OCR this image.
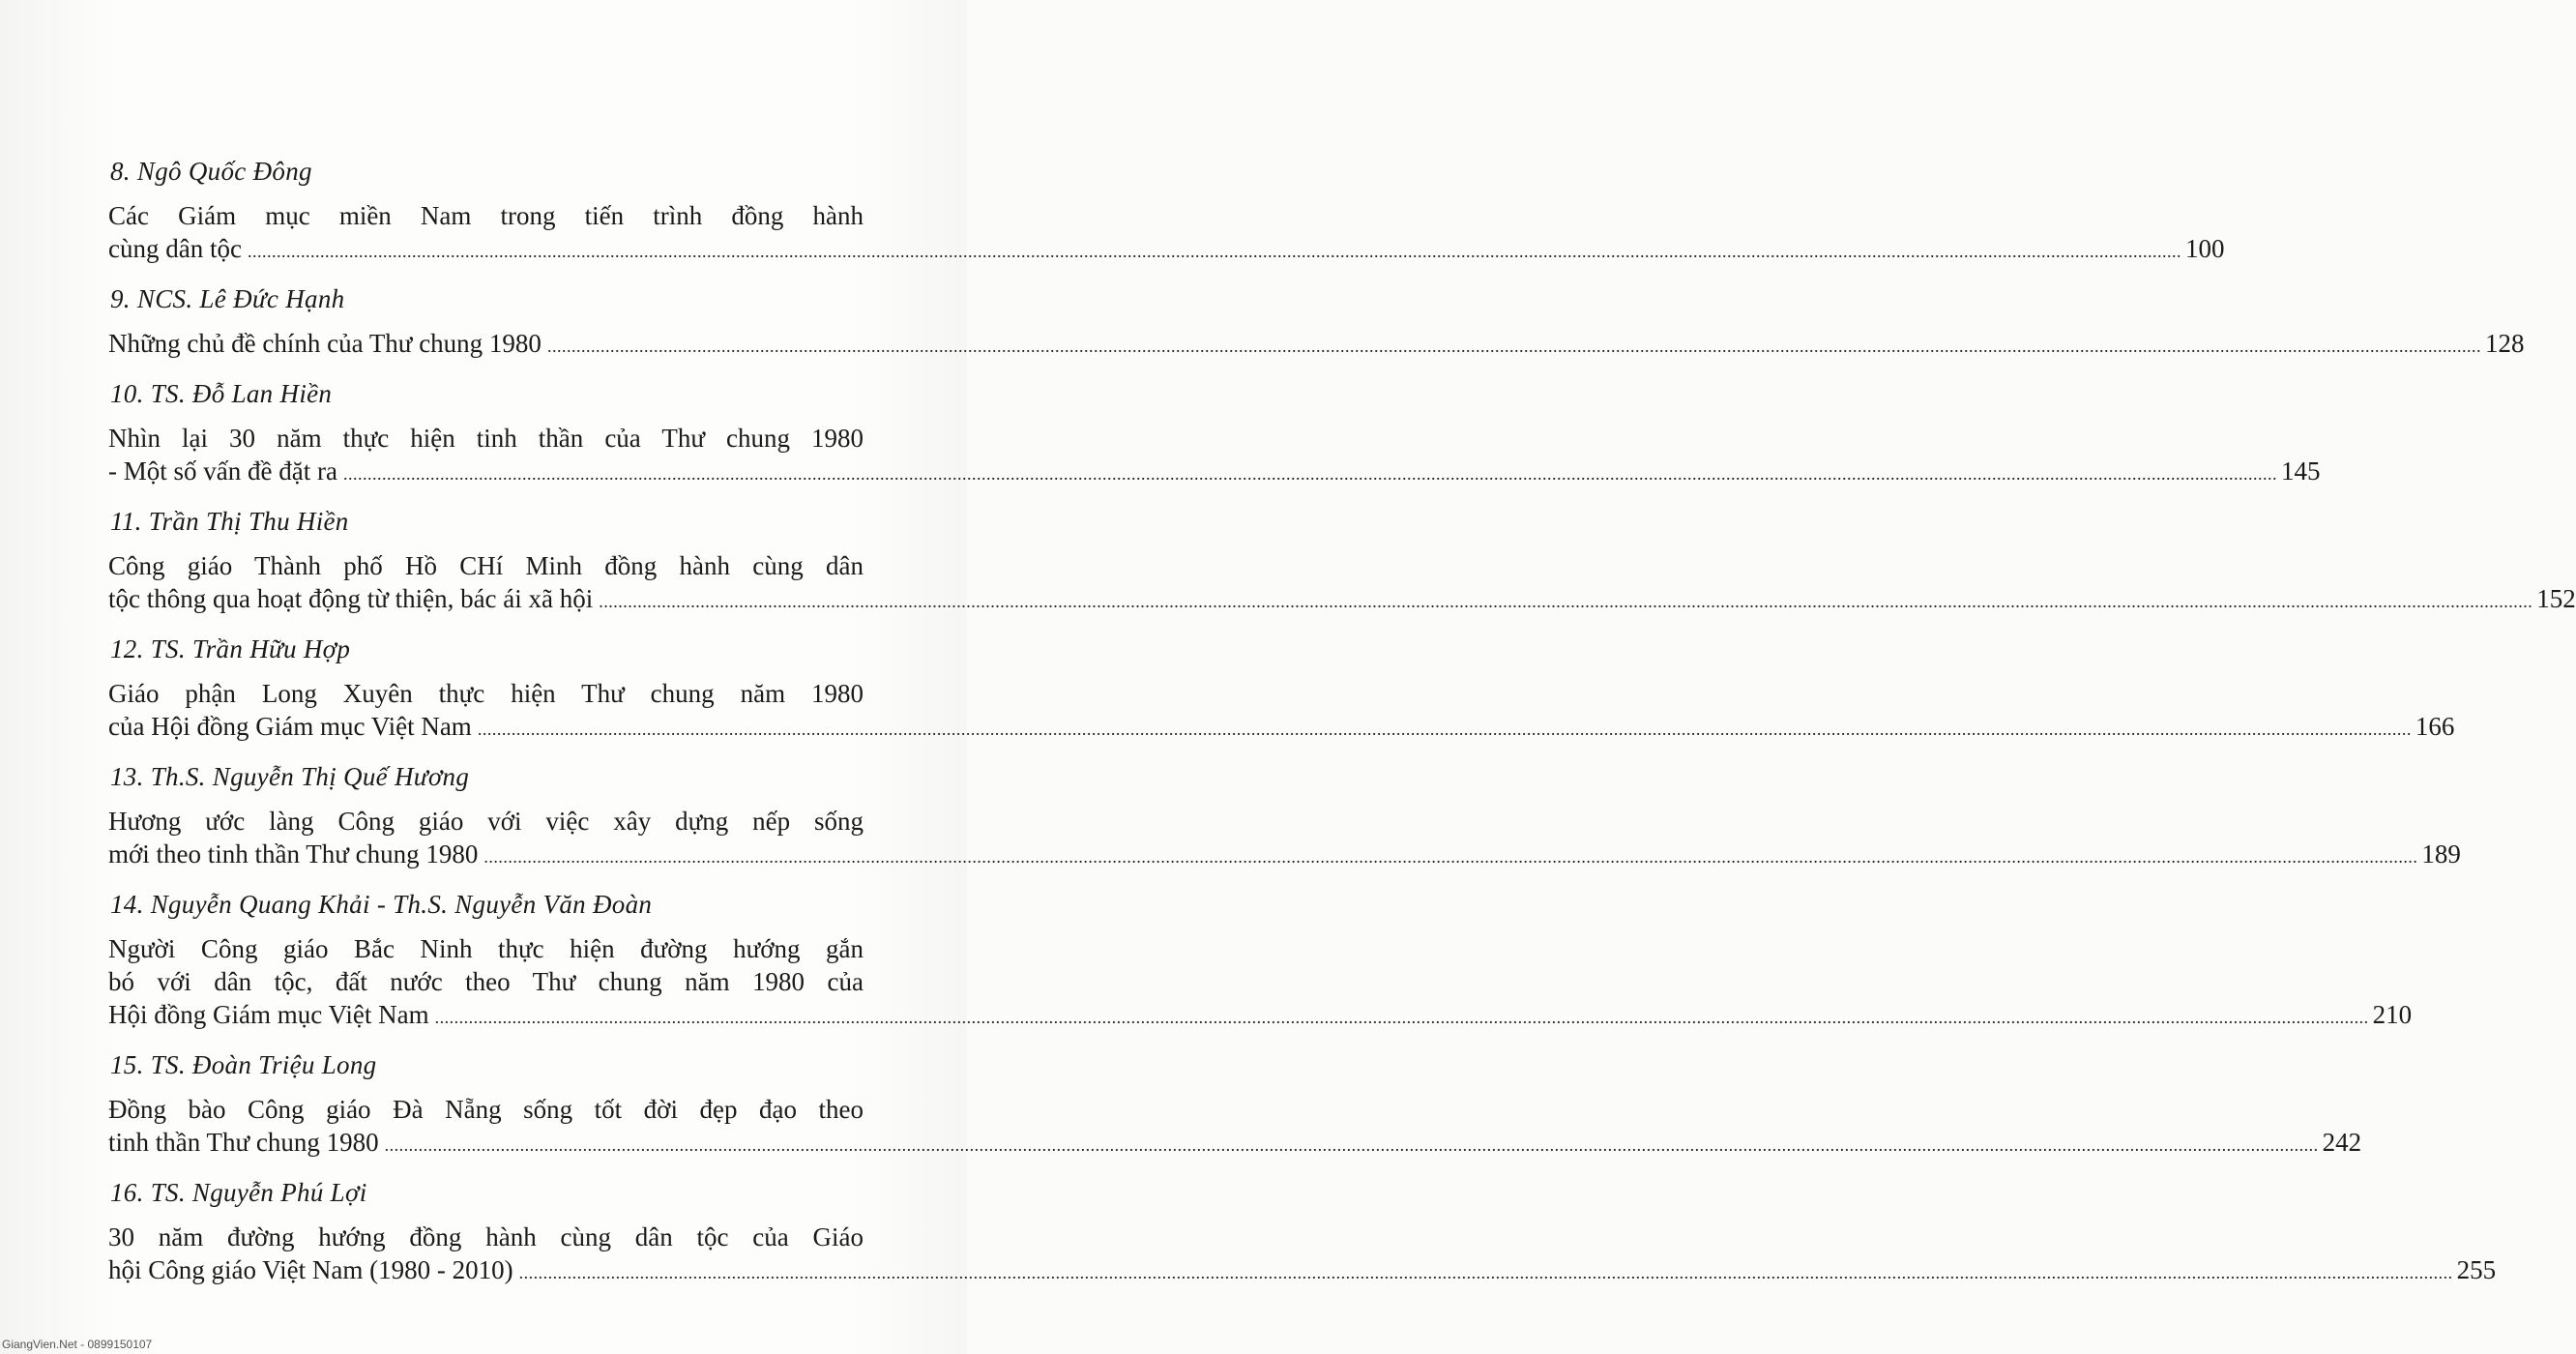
8. Ngô Quốc Đông
Các Giám mục miền Nam trong tiến trình đồng hành
cùng dân tộc ................................................................................................................................................................................................................................................................................................................................................................................................................ 100
9. NCS. Lê Đức Hạnh
Những chủ đề chính của Thư chung 1980 ................................................................................................................................................................................................................................................................................................................................................................................................................ 128
10. TS. Đỗ Lan Hiền
Nhìn lại 30 năm thực hiện tinh thần của Thư chung 1980
- Một số vấn đề đặt ra ................................................................................................................................................................................................................................................................................................................................................................................................................ 145
11. Trần Thị Thu Hiền
Công giáo Thành phố Hồ CHí Minh đồng hành cùng dân
tộc thông qua hoạt động từ thiện, bác ái xã hội ................................................................................................................................................................................................................................................................................................................................................................................................................ 152
12. TS. Trần Hữu Hợp
Giáo phận Long Xuyên thực hiện Thư chung năm 1980
của Hội đồng Giám mục Việt Nam ................................................................................................................................................................................................................................................................................................................................................................................................................ 166
13. Th.S. Nguyễn Thị Quế Hương
Hương ước làng Công giáo với việc xây dựng nếp sống
mới theo tinh thần Thư chung 1980 ................................................................................................................................................................................................................................................................................................................................................................................................................ 189
14. Nguyễn Quang Khải - Th.S. Nguyễn Văn Đoàn
Người Công giáo Bắc Ninh thực hiện đường hướng gắn
bó với dân tộc, đất nước theo Thư chung năm 1980 của
Hội đồng Giám mục Việt Nam ................................................................................................................................................................................................................................................................................................................................................................................................................ 210
15. TS. Đoàn Triệu Long
Đồng bào Công giáo Đà Nẵng sống tốt đời đẹp đạo theo
tinh thần Thư chung 1980 ................................................................................................................................................................................................................................................................................................................................................................................................................ 242
16. TS. Nguyễn Phú Lợi
30 năm đường hướng đồng hành cùng dân tộc của Giáo
hội Công giáo Việt Nam (1980 - 2010) ................................................................................................................................................................................................................................................................................................................................................................................................................ 255
GiangVien.Net - 0899150107
